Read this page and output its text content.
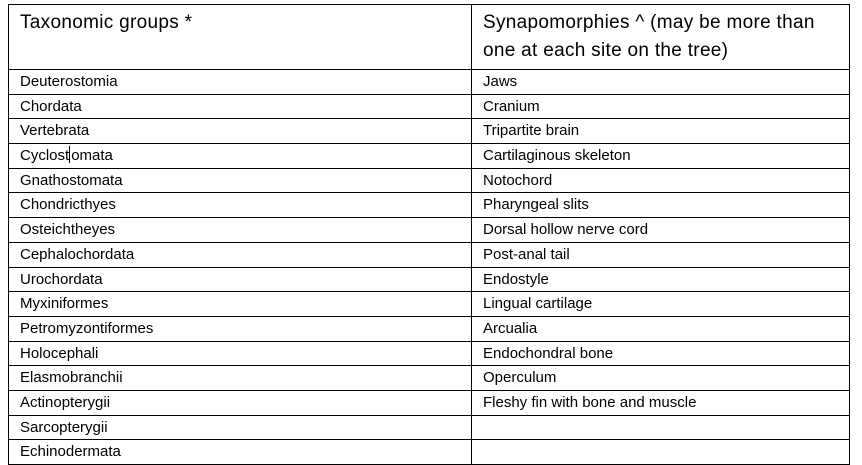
Taxonomic groups *	Synapomorphies ^ (may be more than one at each site on the tree)

Deuterostomia	Jaws
Chordata	Cranium
Vertebrata	Tripartite brain
Cyclost omata	Cartilaginous skeleton
Gnathostomata	Notochord
Chondricthyes	Pharyngeal slits
Osteichtheyes	Dorsal hollow nerve cord
Cephalochordata	Post-anal tail
Urochordata	Endostyle
Myxiniformes	Lingual cartilage
Petromyzontiformes	Arcualia
Holocephali	Endochondral bone
Elasmobranchii	Operculum
Actinopterygii	Fleshy fin with bone and muscle
Sarcopterygii	
Echinodermata	
